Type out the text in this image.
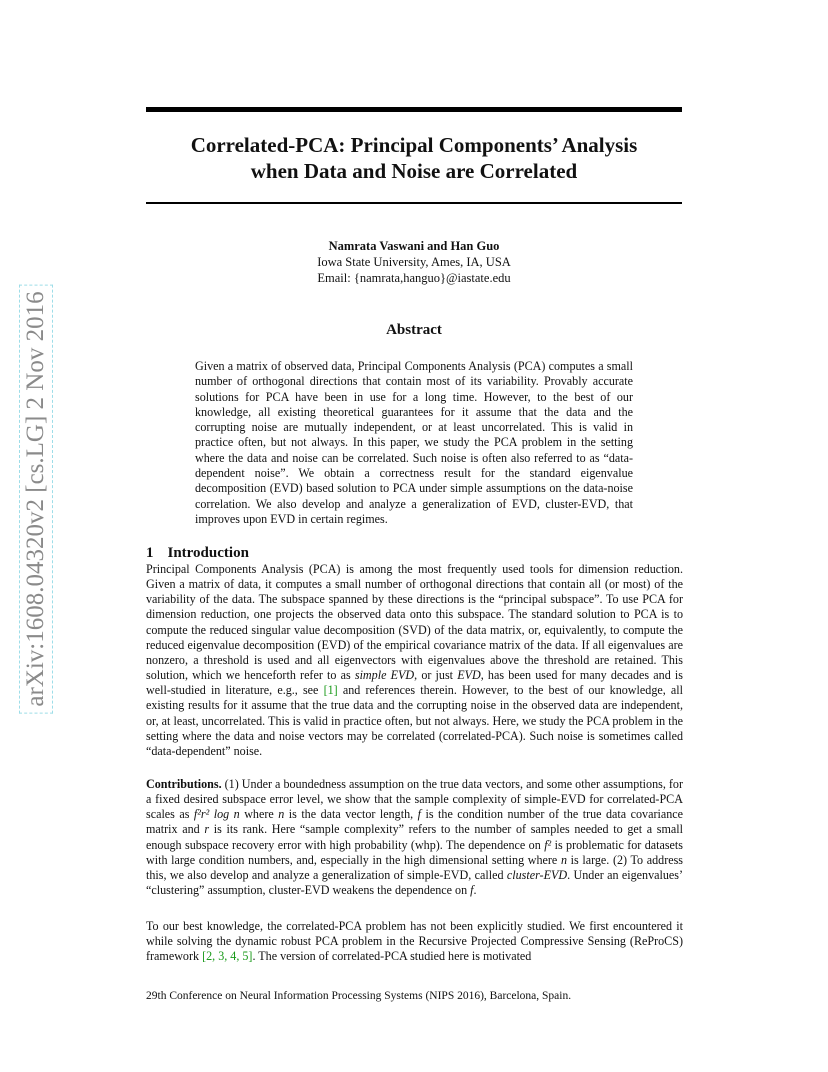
arXiv:1608.04320v2 [cs.LG] 2 Nov 2016
Correlated-PCA: Principal Components’ Analysis
when Data and Noise are Correlated
Namrata Vaswani and Han Guo
Iowa State University, Ames, IA, USA
Email: {namrata,hanguo}@iastate.edu
Abstract
Given a matrix of observed data, Principal Components Analysis (PCA) computes a small number of orthogonal directions that contain most of its variability. Provably accurate solutions for PCA have been in use for a long time. However, to the best of our knowledge, all existing theoretical guarantees for it assume that the data and the corrupting noise are mutually independent, or at least uncorrelated. This is valid in practice often, but not always. In this paper, we study the PCA problem in the setting where the data and noise can be correlated. Such noise is often also referred to as “data-dependent noise”. We obtain a correctness result for the standard eigenvalue decomposition (EVD) based solution to PCA under simple assumptions on the data-noise correlation. We also develop and analyze a generalization of EVD, cluster-EVD, that improves upon EVD in certain regimes.
1 Introduction
Principal Components Analysis (PCA) is among the most frequently used tools for dimension reduction. Given a matrix of data, it computes a small number of orthogonal directions that contain all (or most) of the variability of the data. The subspace spanned by these directions is the “principal subspace”. To use PCA for dimension reduction, one projects the observed data onto this subspace. The standard solution to PCA is to compute the reduced singular value decomposition (SVD) of the data matrix, or, equivalently, to compute the reduced eigenvalue decomposition (EVD) of the empirical covariance matrix of the data. If all eigenvalues are nonzero, a threshold is used and all eigenvectors with eigenvalues above the threshold are retained. This solution, which we henceforth refer to as simple EVD, or just EVD, has been used for many decades and is well-studied in literature, e.g., see [1] and references therein. However, to the best of our knowledge, all existing results for it assume that the true data and the corrupting noise in the observed data are independent, or, at least, uncorrelated. This is valid in practice often, but not always. Here, we study the PCA problem in the setting where the data and noise vectors may be correlated (correlated-PCA). Such noise is sometimes called “data-dependent” noise.
Contributions. (1) Under a boundedness assumption on the true data vectors, and some other assumptions, for a fixed desired subspace error level, we show that the sample complexity of simple-EVD for correlated-PCA scales as f²r² log n where n is the data vector length, f is the condition number of the true data covariance matrix and r is its rank. Here “sample complexity” refers to the number of samples needed to get a small enough subspace recovery error with high probability (whp). The dependence on f² is problematic for datasets with large condition numbers, and, especially in the high dimensional setting where n is large. (2) To address this, we also develop and analyze a generalization of simple-EVD, called cluster-EVD. Under an eigenvalues’ “clustering” assumption, cluster-EVD weakens the dependence on f.
To our best knowledge, the correlated-PCA problem has not been explicitly studied. We first encountered it while solving the dynamic robust PCA problem in the Recursive Projected Compressive Sensing (ReProCS) framework [2, 3, 4, 5]. The version of correlated-PCA studied here is motivated
29th Conference on Neural Information Processing Systems (NIPS 2016), Barcelona, Spain.
